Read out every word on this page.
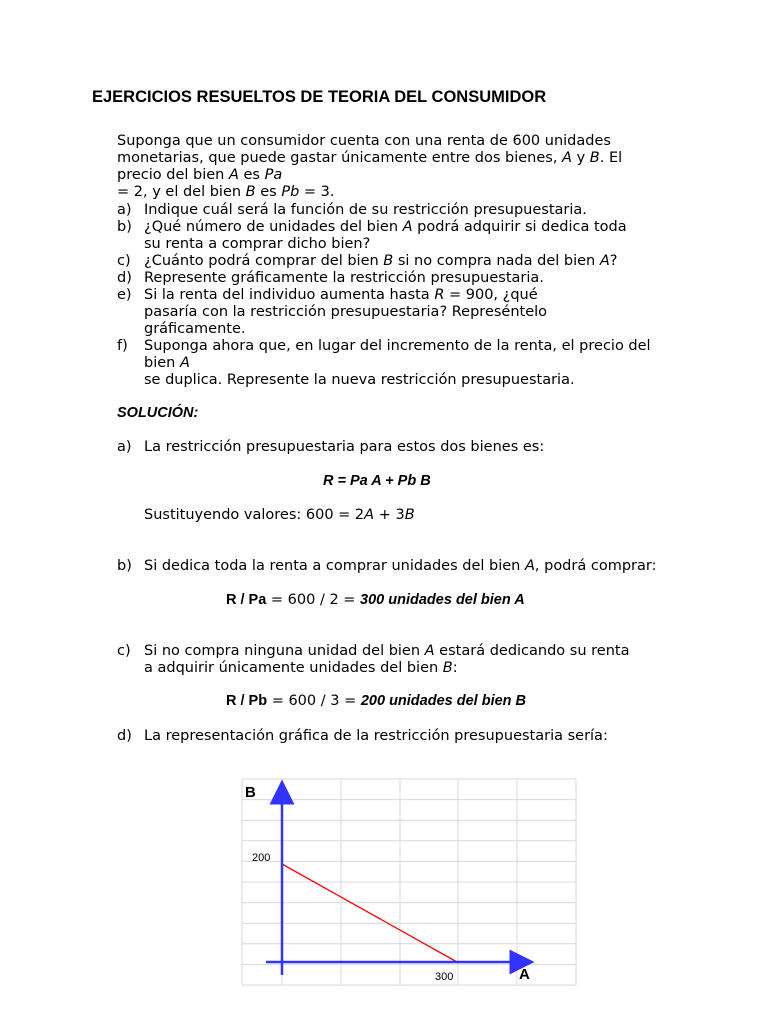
EJERCICIOS RESUELTOS DE TEORIA DEL CONSUMIDOR
Suponga que un consumidor cuenta con una renta de 600 unidades
monetarias, que puede gastar únicamente entre dos bienes, A y B. El
precio del bien A es Pa
= 2, y el del bien B es Pb = 3.
a) Indique cuál será la función de su restricción presupuestaria.
b) ¿Qué número de unidades del bien A podrá adquirir si dedica toda
su renta a comprar dicho bien?
c) ¿Cuánto podrá comprar del bien B si no compra nada del bien A?
d) Represente gráficamente la restricción presupuestaria.
e) Si la renta del individuo aumenta hasta R = 900, ¿qué
pasaría con la restricción presupuestaria? Represéntelo
gráficamente.
f) Suponga ahora que, en lugar del incremento de la renta, el precio del
bien A
se duplica. Represente la nueva restricción presupuestaria.
SOLUCIÓN:
a) La restricción presupuestaria para estos dos bienes es:
R = Pa A + Pb B
Sustituyendo valores: 600 = 2A + 3B
b) Si dedica toda la renta a comprar unidades del bien A, podrá comprar:
R / Pa = 600 / 2 = 300 unidades del bien A
c) Si no compra ninguna unidad del bien A estará dedicando su renta
a adquirir únicamente unidades del bien B:
R / Pb = 600 / 3 = 200 unidades del bien B
d) La representación gráfica de la restricción presupuestaria sería:
B
A
200
300
